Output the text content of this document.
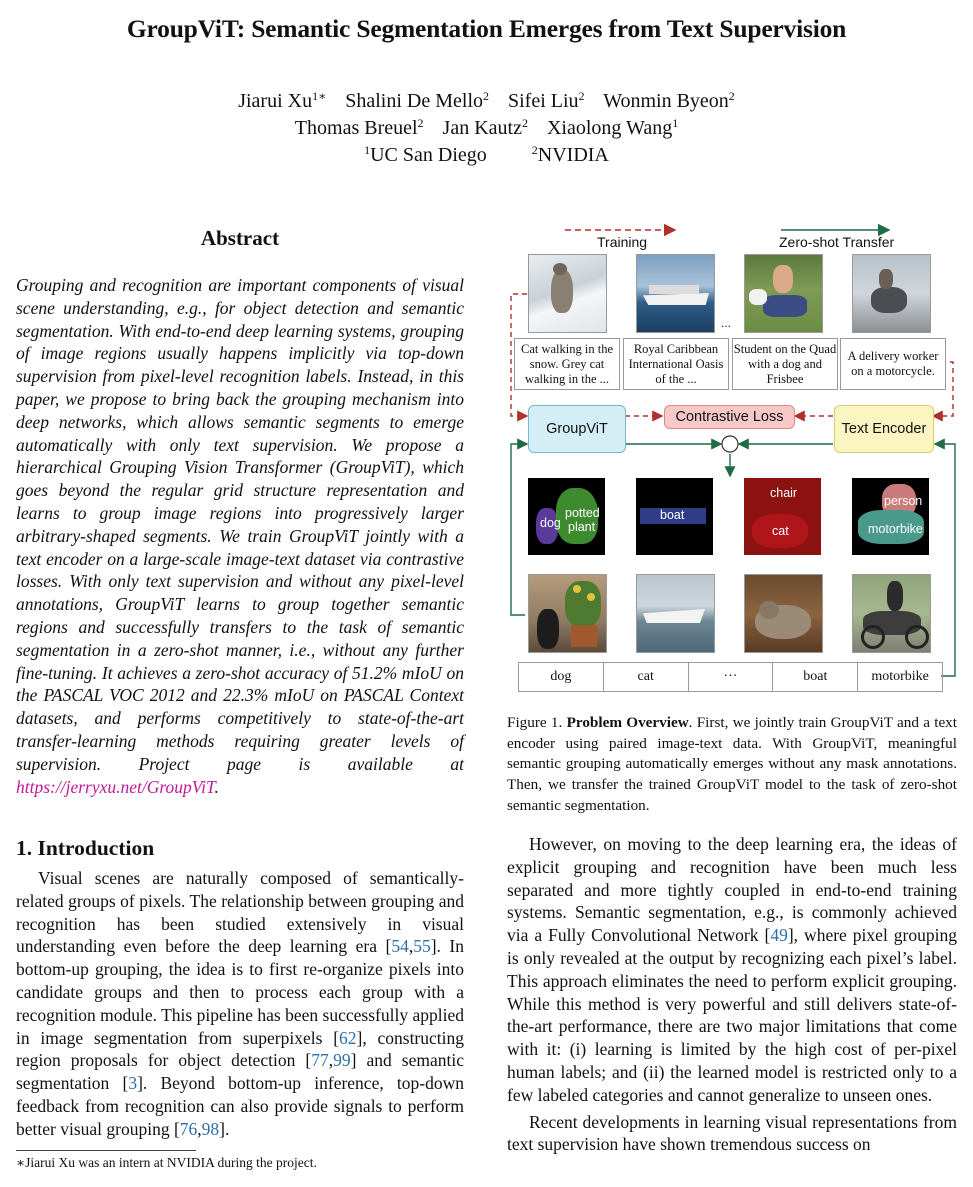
GroupViT: Semantic Segmentation Emerges from Text Supervision
Jiarui $Xu^{1∗}$ Shalini De Mello$^2$ Sifei Liu$^2$ Wonmin Byeon$^2$
Thomas Breuel$^2$ Jan Kautz$^2$ Xiaolong Wang$^1$
$^1$UC San Diego	$^2$NVIDIA
Abstract
Grouping and recognition are important components of visual scene understanding, e.g., for object detection and semantic segmentation. With end-to-end deep learning systems, grouping of image regions usually happens implicitly via top-down supervision from pixel-level recognition labels. Instead, in this paper, we propose to bring back the grouping mechanism into deep networks, which allows semantic segments to emerge automatically with only text supervision. We propose a hierarchical Grouping Vision Transformer (GroupViT), which goes beyond the regular grid structure representation and learns to group image regions into progressively larger arbitrary-shaped segments. We train GroupViT jointly with a text encoder on a large-scale image-text dataset via contrastive losses. With only text supervision and without any pixel-level annotations, GroupViT learns to group together semantic regions and successfully transfers to the task of semantic segmentation in a zero-shot manner, i.e., without any further fine-tuning. It achieves a zero-shot accuracy of 51.2% mIoU on the PASCAL VOC 2012 and 22.3% mIoU on PASCAL Context datasets, and performs competitively to state-of-the-art transfer-learning methods requiring greater levels of supervision. Project page is available at https://jerryxu.net/GroupViT.
1. Introduction

Visual scenes are naturally composed of semantically-related groups of pixels. The relationship between grouping and recognition has been studied extensively in visual understanding even before the deep learning era [54,55]. In bottom-up grouping, the idea is to first re-organize pixels into candidate groups and then to process each group with a recognition module. This pipeline has been successfully applied in image segmentation from superpixels [62], constructing region proposals for object detection [77,99] and semantic segmentation [3]. Beyond bottom-up inference, top-down feedback from recognition can also provide signals to perform better visual grouping [76,98].

∗Jiarui Xu was an intern at NVIDIA during the project.
Training	Zero-shot Transfer
...
Cat walking in the snow. Grey cat walking in the ...
Royal Caribbean International Oasis of the ...
Student on the Quad with a dog and Frisbee
A delivery worker on a motorcycle.
GroupViT
Contrastive Loss
Text Encoder
dog
potted
plant
boat
chair
cat
person
motorbike
dog	cat	···	boat	motorbike
Figure 1. Problem Overview. First, we jointly train GroupViT and a text encoder using paired image-text data. With GroupViT, meaningful semantic grouping automatically emerges without any mask annotations. Then, we transfer the trained GroupViT model to the task of zero-shot semantic segmentation.

However, on moving to the deep learning era, the ideas of explicit grouping and recognition have been much less separated and more tightly coupled in end-to-end training systems. Semantic segmentation, e.g., is commonly achieved via a Fully Convolutional Network [49], where pixel grouping is only revealed at the output by recognizing each pixel’s label. This approach eliminates the need to perform explicit grouping. While this method is very powerful and still delivers state-of-the-art performance, there are two major limitations that come with it: (i) learning is limited by the high cost of per-pixel human labels; and (ii) the learned model is restricted only to a few labeled categories and cannot generalize to unseen ones.

Recent developments in learning visual representations from text supervision have shown tremendous success on
